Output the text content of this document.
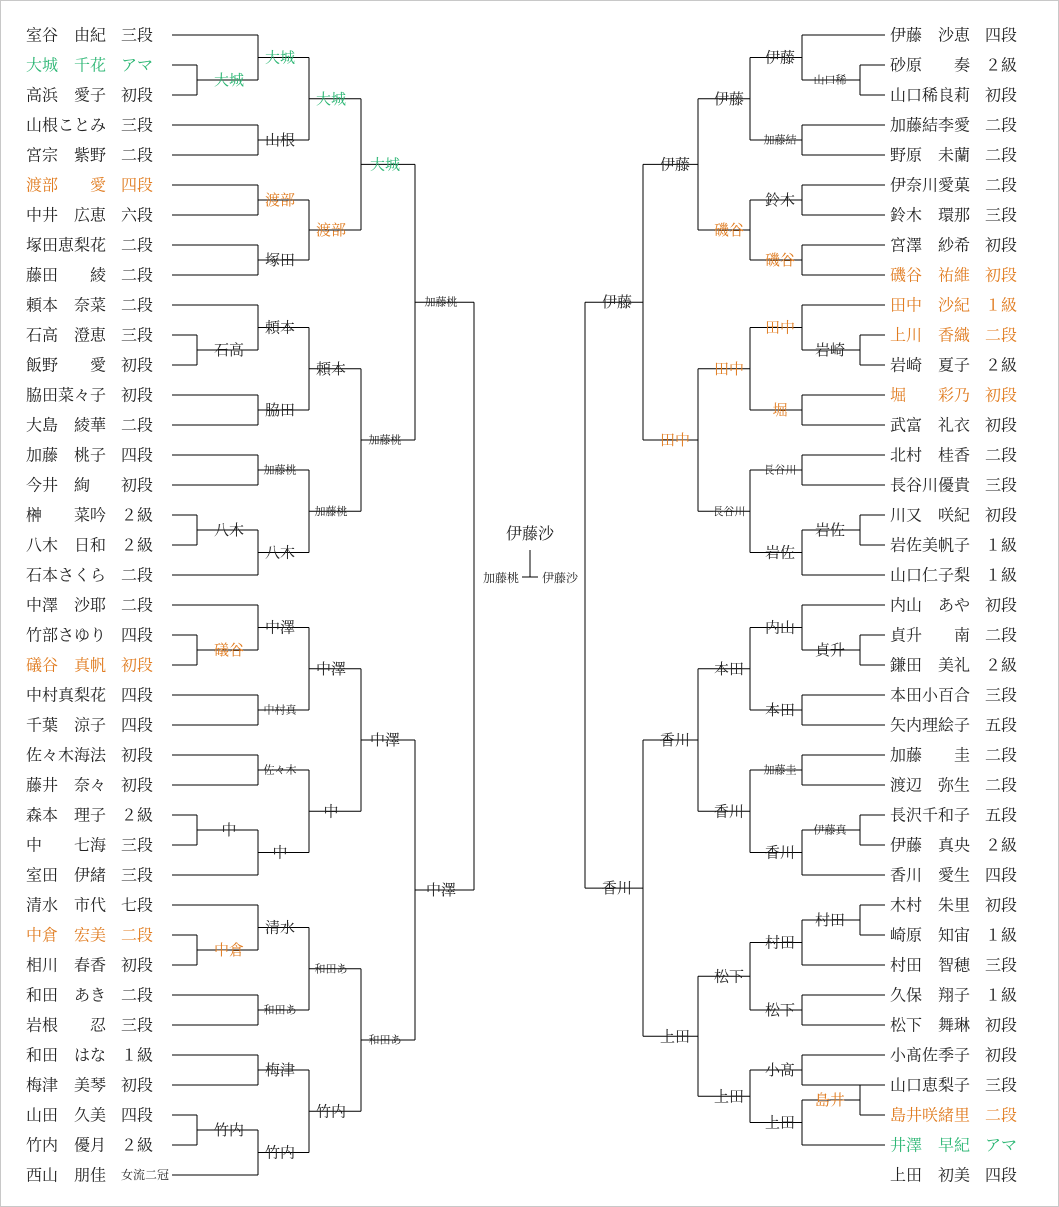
室谷　由紀 三段
大城　千花 アマ
高浜　愛子 初段
山根ことみ 三段
宮宗　紫野 二段
渡部　　愛 四段
中井　広恵 六段
塚田恵梨花 二段
藤田　　綾 二段
頼本　奈菜 二段
石高　澄恵 三段
飯野　　愛 初段
脇田菜々子 初段
大島　綾華 二段
加藤　桃子 四段
今井　絢 初段
榊　　菜吟 ２級
八木　日和 ２級
石本さくら 二段
中澤　沙耶 二段
竹部さゆり 四段
礒谷　真帆 初段
中村真梨花 四段
千葉　涼子 四段
佐々木海法 初段
藤井　奈々 初段
森本　理子 ２級
中　　七海 三段
室田　伊緒 三段
清水　市代 七段
中倉　宏美 二段
相川　春香 初段
和田　あき 二段
岩根　　忍 三段
和田　はな １級
梅津　美琴 初段
山田　久美 四段
竹内　優月 ２級
西山　朋佳 女流二冠
大城
石高
八木
礒谷
中
中倉
竹内
大城
山根
渡部
塚田
頼本
脇田
加藤桃
八木
中澤
中村真
佐々木
中
清水
和田あ
梅津
竹内
大城
渡部
頼本
加藤桃
中澤
中
和田あ
竹内
大城
加藤桃
中澤
和田あ
加藤桃
中澤
伊藤　沙恵 四段
砂原　　奏 ２級
山口稀良莉 初段
加藤結李愛 二段
野原　未蘭 二段
伊奈川愛菓 二段
鈴木　環那 三段
宮澤　紗希 初段
磯谷　祐維 初段
田中　沙紀 １級
上川　香織 二段
岩崎　夏子 ２級
堀　　彩乃 初段
武富　礼衣 初段
北村　桂香 二段
長谷川優貴 三段
川又　咲紀 初段
岩佐美帆子 １級
山口仁子梨 １級
内山　あや 初段
貞升　　南 二段
鎌田　美礼 ２級
本田小百合 三段
矢内理絵子 五段
加藤　　圭 二段
渡辺　弥生 二段
長沢千和子 五段
伊藤　真央 ２級
香川　愛生 四段
木村　朱里 初段
崎原　知宙 １級
村田　智穂 三段
久保　翔子 １級
松下　舞琳 初段
小髙佐季子 初段
山口恵梨子 三段
島井咲緒里 二段
井澤　早紀 アマ
上田　初美 四段
山口稀
岩崎
岩佐
貞升
伊藤真
村田
島井
伊藤
加藤結
鈴木
磯谷
田中
堀
長谷川
岩佐
内山
本田
加藤圭
香川
村田
松下
小髙
上田
伊藤
磯谷
田中
長谷川
本田
香川
松下
上田
伊藤
田中
香川
上田
伊藤
香川
伊藤沙
加藤桃 伊藤沙
